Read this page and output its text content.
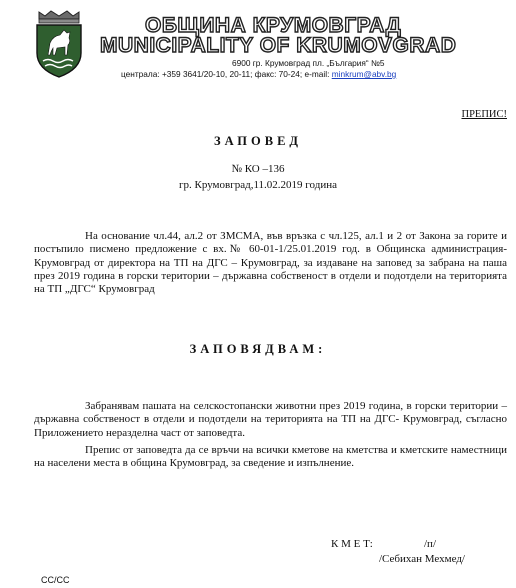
ОБЩИНА КРУМОВГРАД
MUNICIPALITY OF KRUMOVGRAD
6900 гр. Крумовград пл. „България“ №5
централа: +359 3641/20-10, 20-11; факс: 70-24; e-mail: minkrum@abv.bg
ПРЕПИС!
ЗАПОВЕД
№ КО –136
гр. Крумовград,11.02.2019 година
На основание чл.44, ал.2 от ЗМСМА, във връзка с чл.125, ал.1 и 2 от Закона за горите и постъпило писмено предложение с вх.№ 60-01-1/25.01.2019 год. в Общинска администрация- Крумовград от директора на ТП на ДГС – Крумовград, за издаване на заповед за забрана на паша през 2019 година в горски територии – държавна собственост в отдели и подотдели на територията на ТП „ДГС“ Крумовград
ЗАПОВЯДВАМ:
Забранявам пашата на селскостопански животни през 2019 година, в горски територии – държавна собственост в отдели и подотдели на територията на ТП на ДГС- Крумовград, съгласно Приложението неразделна част от заповедта.
Препис от заповедта да се връчи на всички кметове на кметства и кметските наместници на населени места в община Крумовград, за сведение и изпълнение.
К М Е Т:	/п/
/Себихан Мехмед/
СС/СС
